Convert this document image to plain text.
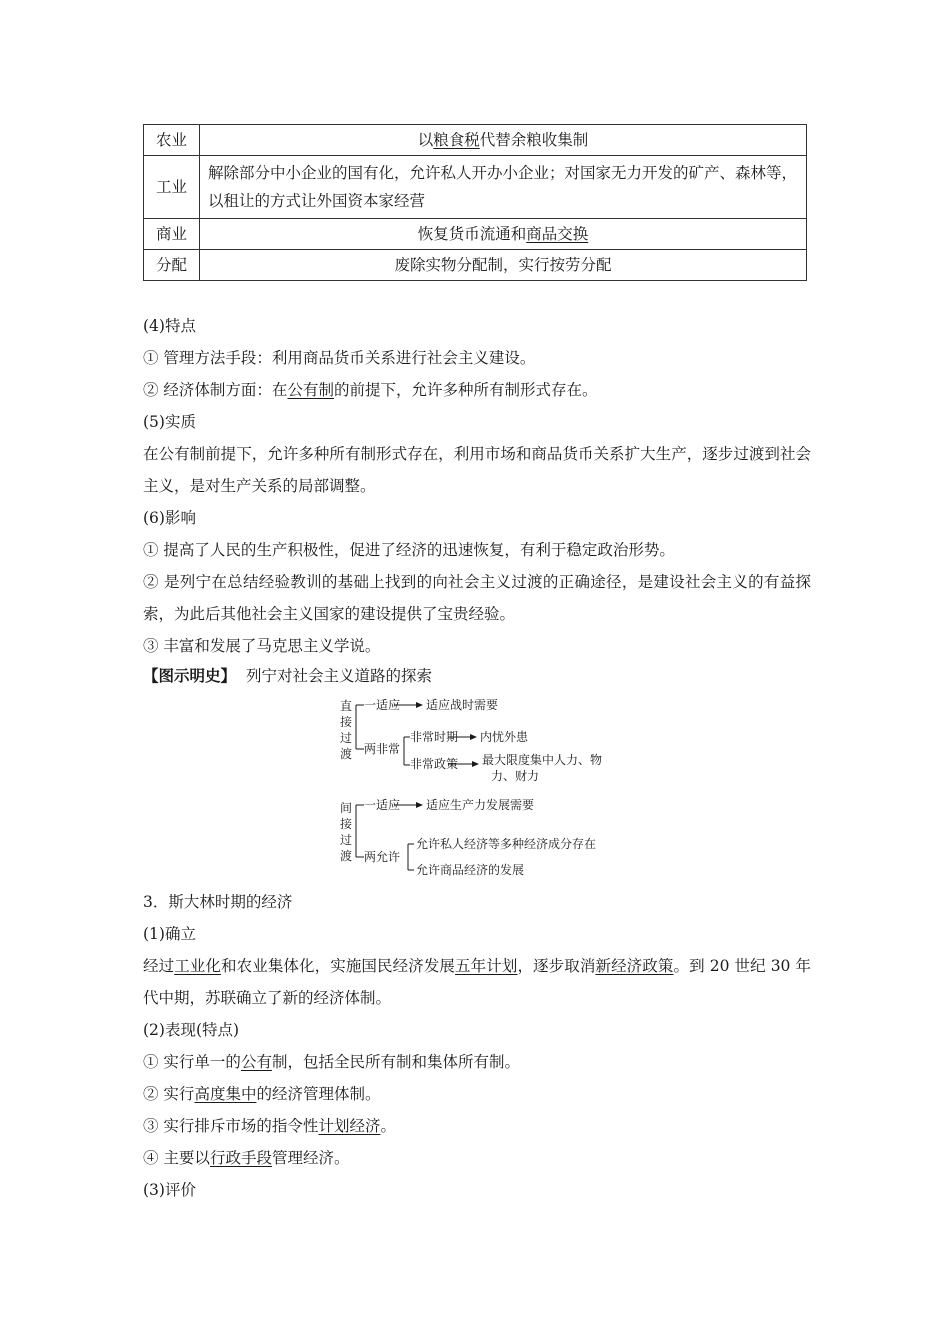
农业	以粮食税代替余粮收集制
工业	解除部分中小企业的国有化，允许私人开办小企业；对国家无力开发的矿产、森林等，以租让的方式让外国资本家经营
商业	恢复货币流通和商品交换
分配	废除实物分配制，实行按劳分配
(4)特点
① 管理方法手段：利用商品货币关系进行社会主义建设。
② 经济体制方面：在公有制的前提下，允许多种所有制形式存在。
(5)实质
在公有制前提下，允许多种所有制形式存在，利用市场和商品货币关系扩大生产，逐步过渡到社会主义，是对生产关系的局部调整。
(6)影响
① 提高了人民的生产积极性，促进了经济的迅速恢复，有利于稳定政治形势。
② 是列宁在总结经验教训的基础上找到的向社会主义过渡的正确途径，是建设社会主义的有益探索，为此后其他社会主义国家的建设提供了宝贵经验。
③ 丰富和发展了马克思主义学说。
【图示明史】 列宁对社会主义道路的探索
直
接
过
渡
一适应 适应战时需要
两非常
非常时期 内忧外患
非常政策 最大限度集中人力、物
力、财力
间
接
过
渡
一适应 适应生产力发展需要
两允许
允许私人经济等多种经济成分存在
允许商品经济的发展
3．斯大林时期的经济
(1)确立
经过工业化和农业集体化，实施国民经济发展五年计划，逐步取消新经济政策。到 20 世纪 30 年代中期，苏联确立了新的经济体制。
(2)表现(特点)
① 实行单一的公有制，包括全民所有制和集体所有制。
② 实行高度集中的经济管理体制。
③ 实行排斥市场的指令性计划经济。
④ 主要以行政手段管理经济。
(3)评价
